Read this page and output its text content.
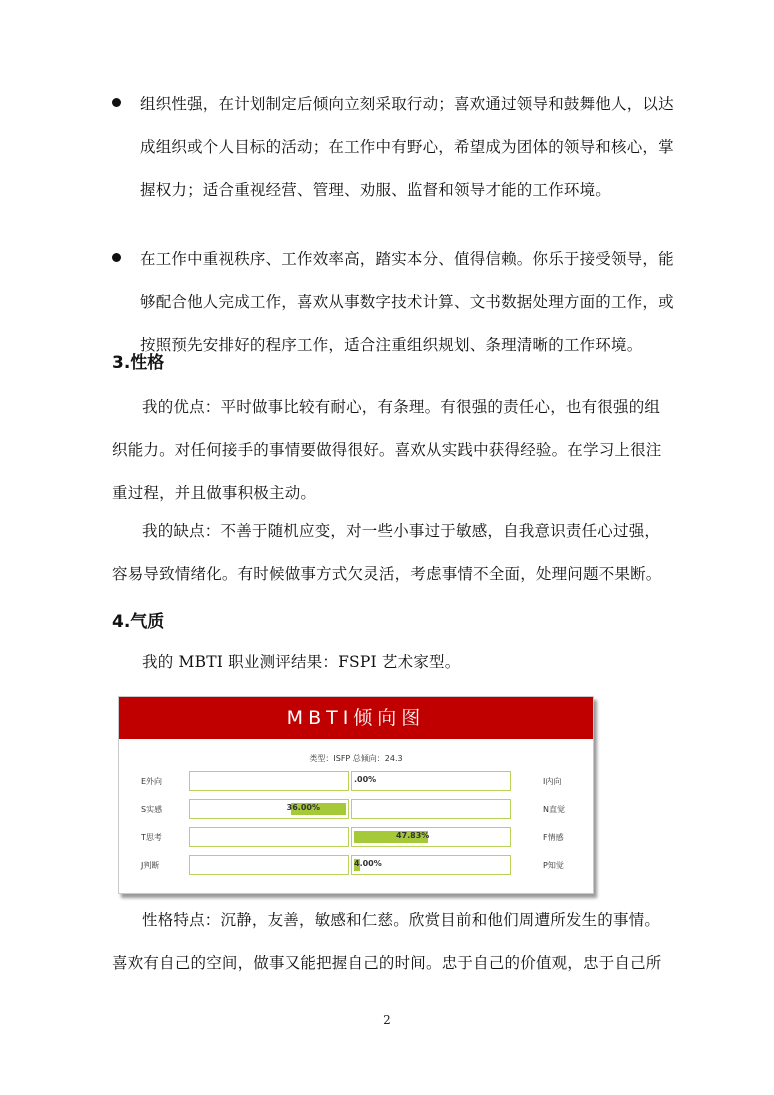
组织性强，在计划制定后倾向立刻采取行动；喜欢通过领导和鼓舞他人，以达
成组织或个人目标的活动；在工作中有野心，希望成为团体的领导和核心，掌
握权力；适合重视经营、管理、劝服、监督和领导才能的工作环境。
在工作中重视秩序、工作效率高，踏实本分、值得信赖。你乐于接受领导，能
够配合他人完成工作，喜欢从事数字技术计算、文书数据处理方面的工作，或
按照预先安排好的程序工作，适合注重组织规划、条理清晰的工作环境。
3.性格
我的优点：平时做事比较有耐心，有条理。有很强的责任心，也有很强的组
织能力。对任何接手的事情要做得很好。喜欢从实践中获得经验。在学习上很注
重过程，并且做事积极主动。
我的缺点：不善于随机应变，对一些小事过于敏感，自我意识责任心过强，
容易导致情绪化。有时候做事方式欠灵活，考虑事情不全面，处理问题不果断。
4.气质
我的 MBTI 职业测评结果：FSPI 艺术家型。
MBTI倾向图
类型：ISFP 总倾向：24.3
E外向	.00%	I内向
S实感	36.00%	N直觉
T思考	47.83%	F情感
J判断	4.00%	P知觉
性格特点：沉静，友善，敏感和仁慈。欣赏目前和他们周遭所发生的事情。
喜欢有自己的空间，做事又能把握自己的时间。忠于自己的价值观，忠于自己所
2
